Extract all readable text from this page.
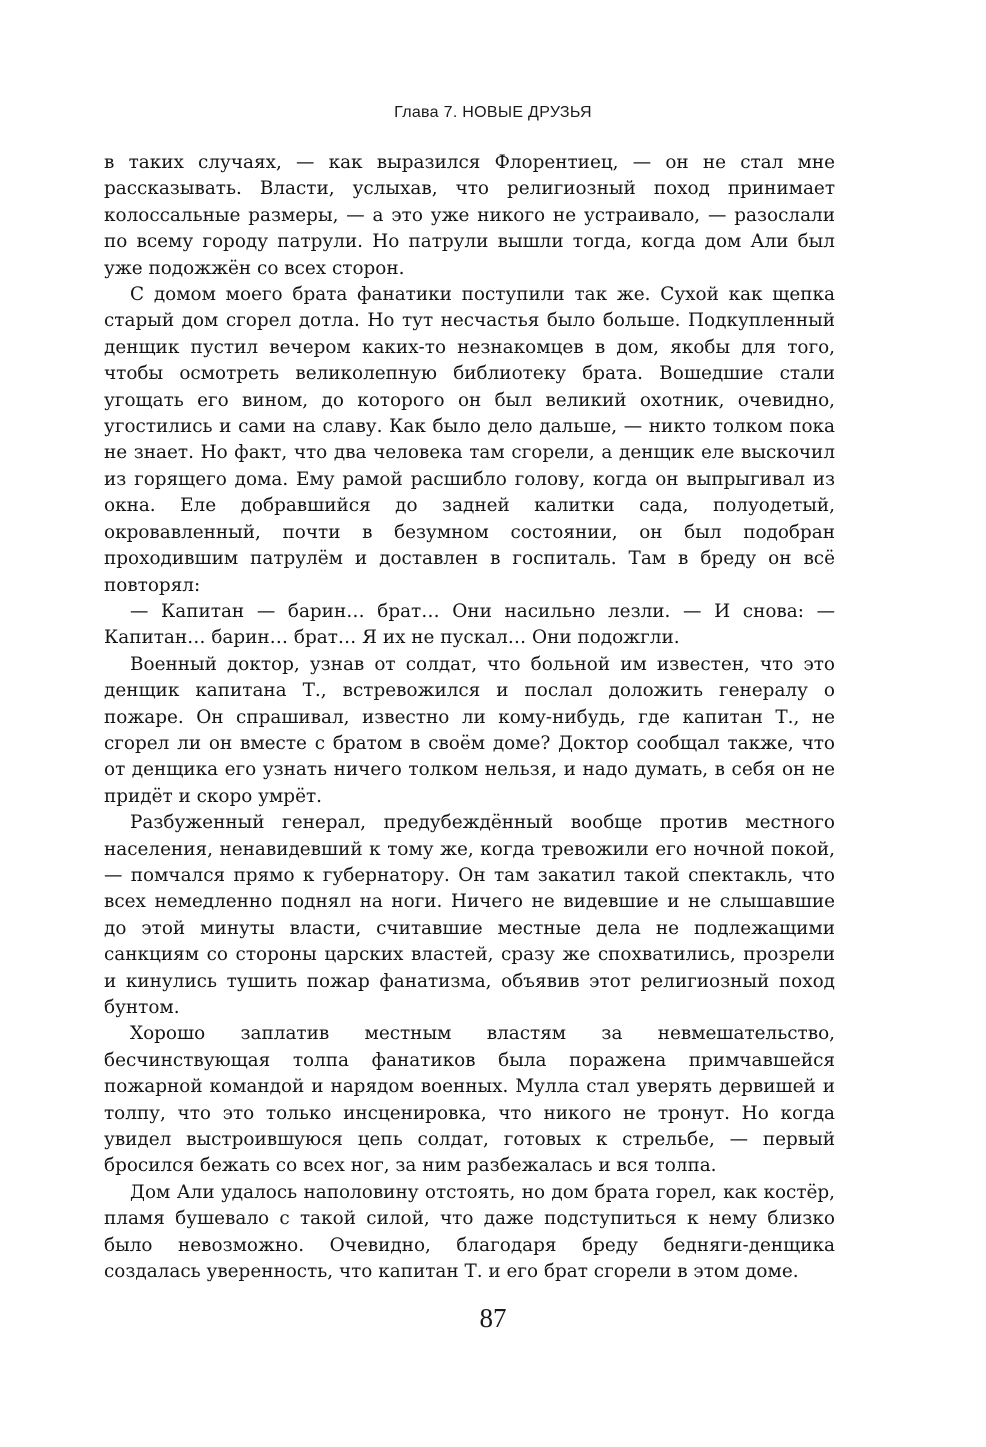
Глава 7. НОВЫЕ ДРУЗЬЯ

в таких случаях, — как выразился Флорентиец, — он не стал мне рассказывать. Власти, услыхав, что религиозный поход принимает колоссальные размеры, — а это уже никого не устраивало, — разослали по всему городу патрули. Но патрули вышли тогда, когда дом Али был уже подожжён со всех сторон.

С домом моего брата фанатики поступили так же. Сухой как щепка старый дом сгорел дотла. Но тут несчастья было больше. Подкупленный денщик пустил вечером каких-то незнакомцев в дом, якобы для того, чтобы осмотреть великолепную библиотеку брата. Вошедшие стали угощать его вином, до которого он был великий охотник, очевидно, угостились и сами на славу. Как было дело дальше, — никто толком пока не знает. Но факт, что два человека там сгорели, а денщик еле выскочил из горящего дома. Ему рамой расшибло голову, когда он выпрыгивал из окна. Еле добравшийся до задней калитки сада, полуодетый, окровавленный, почти в безумном состоянии, он был подобран проходившим патрулём и доставлен в госпиталь. Там в бреду он всё повторял:

— Капитан — барин… брат… Они насильно лезли. — И снова: — Капитан… барин… брат… Я их не пускал… Они подожгли.

Военный доктор, узнав от солдат, что больной им известен, что это денщик капитана Т., встревожился и послал доложить генералу о пожаре. Он спрашивал, известно ли кому-нибудь, где капитан Т., не сгорел ли он вместе с братом в своём доме? Доктор сообщал также, что от денщика его узнать ничего толком нельзя, и надо думать, в себя он не придёт и скоро умрёт.

Разбуженный генерал, предубеждённый вообще против местного населения, ненавидевший к тому же, когда тревожили его ночной покой, — помчался прямо к губернатору. Он там закатил такой спектакль, что всех немедленно поднял на ноги. Ничего не видевшие и не слышавшие до этой минуты власти, считавшие местные дела не подлежащими санкциям со стороны царских властей, сразу же спохватились, прозрели и кинулись тушить пожар фанатизма, объявив этот религиозный поход бунтом.

Хорошо заплатив местным властям за невмешательство, бесчинствующая толпа фанатиков была поражена примчавшейся пожарной командой и нарядом военных. Мулла стал уверять дервишей и толпу, что это только инсценировка, что никого не тронут. Но когда увидел выстроившуюся цепь солдат, готовых к стрельбе, — первый бросился бежать со всех ног, за ним разбежалась и вся толпа.

Дом Али удалось наполовину отстоять, но дом брата горел, как костёр, пламя бушевало с такой силой, что даже подступиться к нему близко было невозможно. Очевидно, благодаря бреду бедняги-денщика создалась уверенность, что капитан Т. и его брат сгорели в этом доме.

87
